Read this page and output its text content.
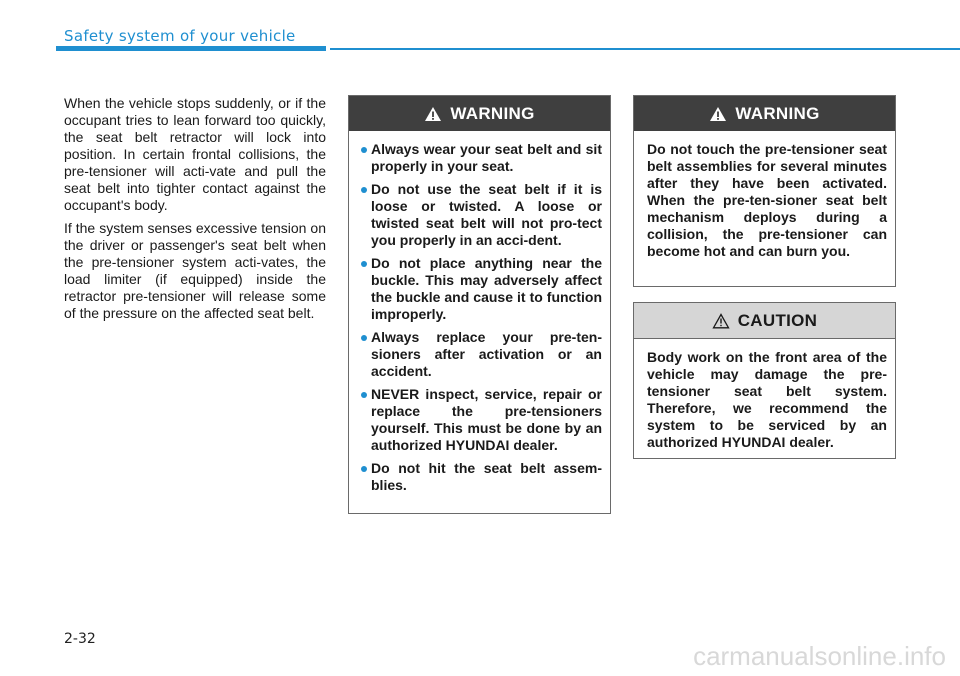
Safety system of your vehicle

When the vehicle stops suddenly, or if the occupant tries to lean forward too quickly, the seat belt retractor will lock into position. In certain frontal collisions, the pre-tensioner will acti-vate and pull the seat belt into tighter contact against the occupant's body.

If the system senses excessive tension on the driver or passenger's seat belt when the pre-tensioner system acti-vates, the load limiter (if equipped) inside the retractor pre-tensioner will release some of the pressure on the affected seat belt.

WARNING
Always wear your seat belt and sit properly in your seat.
Do not use the seat belt if it is loose or twisted. A loose or twisted seat belt will not pro-tect you properly in an acci-dent.
Do not place anything near the buckle. This may adversely affect the buckle and cause it to function improperly.
Always replace your pre-ten-sioners after activation or an accident.
NEVER inspect, service, repair or replace the pre-tensioners yourself. This must be done by an authorized HYUNDAI dealer.
Do not hit the seat belt assem-blies.
WARNING

Do not touch the pre-tensioner seat belt assemblies for several minutes after they have been activated. When the pre-ten-sioner seat belt mechanism deploys during a collision, the pre-tensioner can become hot and can burn you.

CAUTION

Body work on the front area of the vehicle may damage the pre-tensioner seat belt system. Therefore, we recommend the system to be serviced by an authorized HYUNDAI dealer.

2-32
carmanualsonline.info
